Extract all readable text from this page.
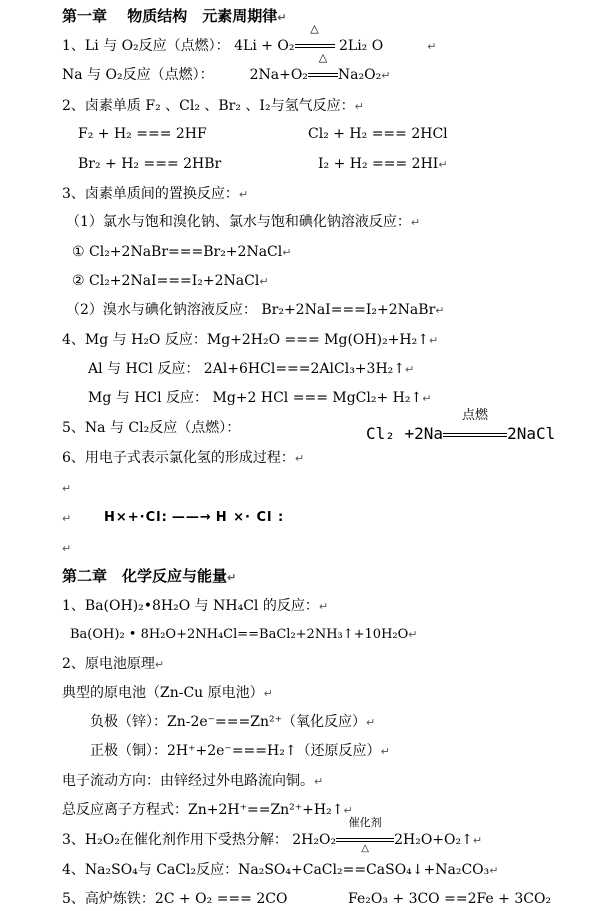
第一章　 物质结构　元素周期律↵
1、Li 与 O₂反应（点燃）： 4Li + O₂
△
2Li₂ O	↵
Na 与 O₂反应（点燃）：	2Na+O₂
△
Na₂O₂↵
2、卤素单质 F₂ 、Cl₂ 、Br₂ 、I₂与氢气反应：↵
F₂ + H₂ === 2HF	Cl₂ + H₂ === 2HCl
Br₂ + H₂ === 2HBr	I₂ + H₂ === 2HI↵
3、卤素单质间的置换反应：↵
（1）氯水与饱和溴化钠、氯水与饱和碘化钠溶液反应：↵
① Cl₂+2NaBr===Br₂+2NaCl↵
② Cl₂+2NaI===I₂+2NaCl↵
（2）溴水与碘化钠溶液反应： Br₂+2NaI===I₂+2NaBr↵
4、Mg 与 H₂O 反应：Mg+2H₂O === Mg(OH)₂+H₂↑↵
Al 与 HCl 反应： 2Al+6HCl===2AlCl₃+3H₂↑↵
Mg 与 HCl 反应： Mg+2 HCl === MgCl₂+ H₂↑↵
5、Na 与 Cl₂反应（点燃）：	Cl₂ +2Na
点燃
2NaCl
6、用电子式表示氯化氢的形成过程：↵
↵
↵	H×+·Cl: ——→ H ×· Cl :
↵
第二章　化学反应与能量↵
1、Ba(OH)₂•8H₂O 与 NH₄Cl 的反应：↵
Ba(OH)₂ • 8H₂O+2NH₄Cl==BaCl₂+2NH₃↑+10H₂O↵
2、原电池原理↵
典型的原电池（Zn-Cu 原电池）↵
负极（锌）：Zn-2e⁻===Zn²⁺（氧化反应）↵
正极（铜）：2H⁺+2e⁻===H₂↑（还原反应）↵
电子流动方向：由锌经过外电路流向铜。↵
总反应离子方程式：Zn+2H⁺==Zn²⁺+H₂↑↵
3、H₂O₂在催化剂作用下受热分解： 2H₂O₂
催化剂
△
2H₂O+O₂↑↵
4、Na₂SO₄与 CaCl₂反应：Na₂SO₄+CaCl₂==CaSO₄↓+Na₂CO₃↵
5、高炉炼铁：2C + O₂ === 2CO	Fe₂O₃ + 3CO ==2Fe + 3CO₂
